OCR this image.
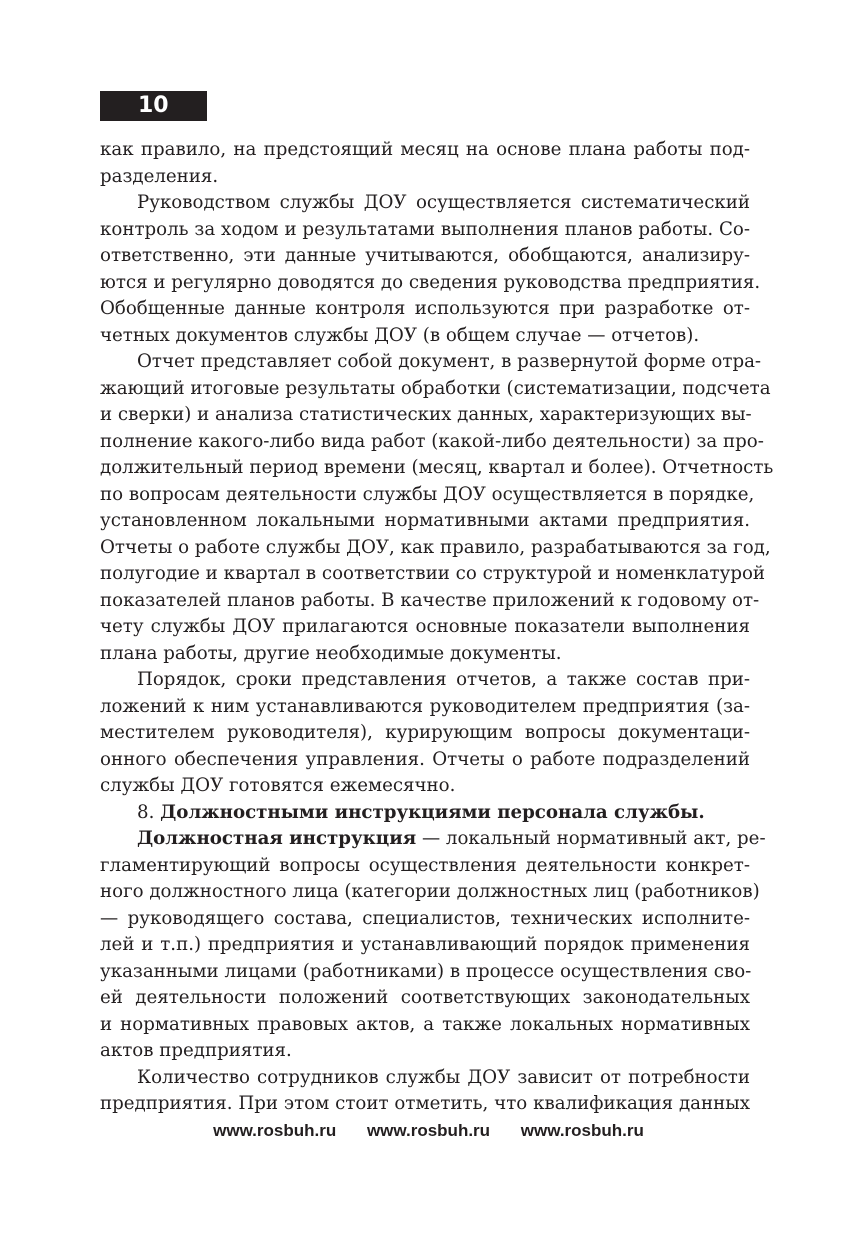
10
как правило, на предстоящий месяц на основе плана работы под-
разделения.
Руководством службы ДОУ осуществляется систематический
контроль за ходом и результатами выполнения планов работы. Со-
ответственно, эти данные учитываются, обобщаются, анализиру-
ются и регулярно доводятся до сведения руководства предприятия.
Обобщенные данные контроля используются при разработке от-
четных документов службы ДОУ (в общем случае — отчетов).
Отчет представляет собой документ, в развернутой форме отра-
жающий итоговые результаты обработки (систематизации, подсчета
и сверки) и анализа статистических данных, характеризующих вы-
полнение какого-либо вида работ (какой-либо деятельности) за про-
должительный период времени (месяц, квартал и более). Отчетность
по вопросам деятельности службы ДОУ осуществляется в порядке,
установленном локальными нормативными актами предприятия.
Отчеты о работе службы ДОУ, как правило, разрабатываются за год,
полугодие и квартал в соответствии со структурой и номенклатурой
показателей планов работы. В качестве приложений к годовому от-
чету службы ДОУ прилагаются основные показатели выполнения
плана работы, другие необходимые документы.
Порядок, сроки представления отчетов, а также состав при-
ложений к ним устанавливаются руководителем предприятия (за-
местителем руководителя), курирующим вопросы документаци-
онного обеспечения управления. Отчеты о работе подразделений
службы ДОУ готовятся ежемесячно.
8. Должностными инструкциями персонала службы.
Должностная инструкция — локальный нормативный акт, ре-
гламентирующий вопросы осуществления деятельности конкрет-
ного должностного лица (категории должностных лиц (работников)
— руководящего состава, специалистов, технических исполните-
лей и т.п.) предприятия и устанавливающий порядок применения
указанными лицами (работниками) в процессе осуществления сво-
ей деятельности положений соответствующих законодательных
и нормативных правовых актов, а также локальных нормативных
актов предприятия.
Количество сотрудников службы ДОУ зависит от потребности
предприятия. При этом стоит отметить, что квалификация данных
www.rosbuh.ru www.rosbuh.ru www.rosbuh.ru
